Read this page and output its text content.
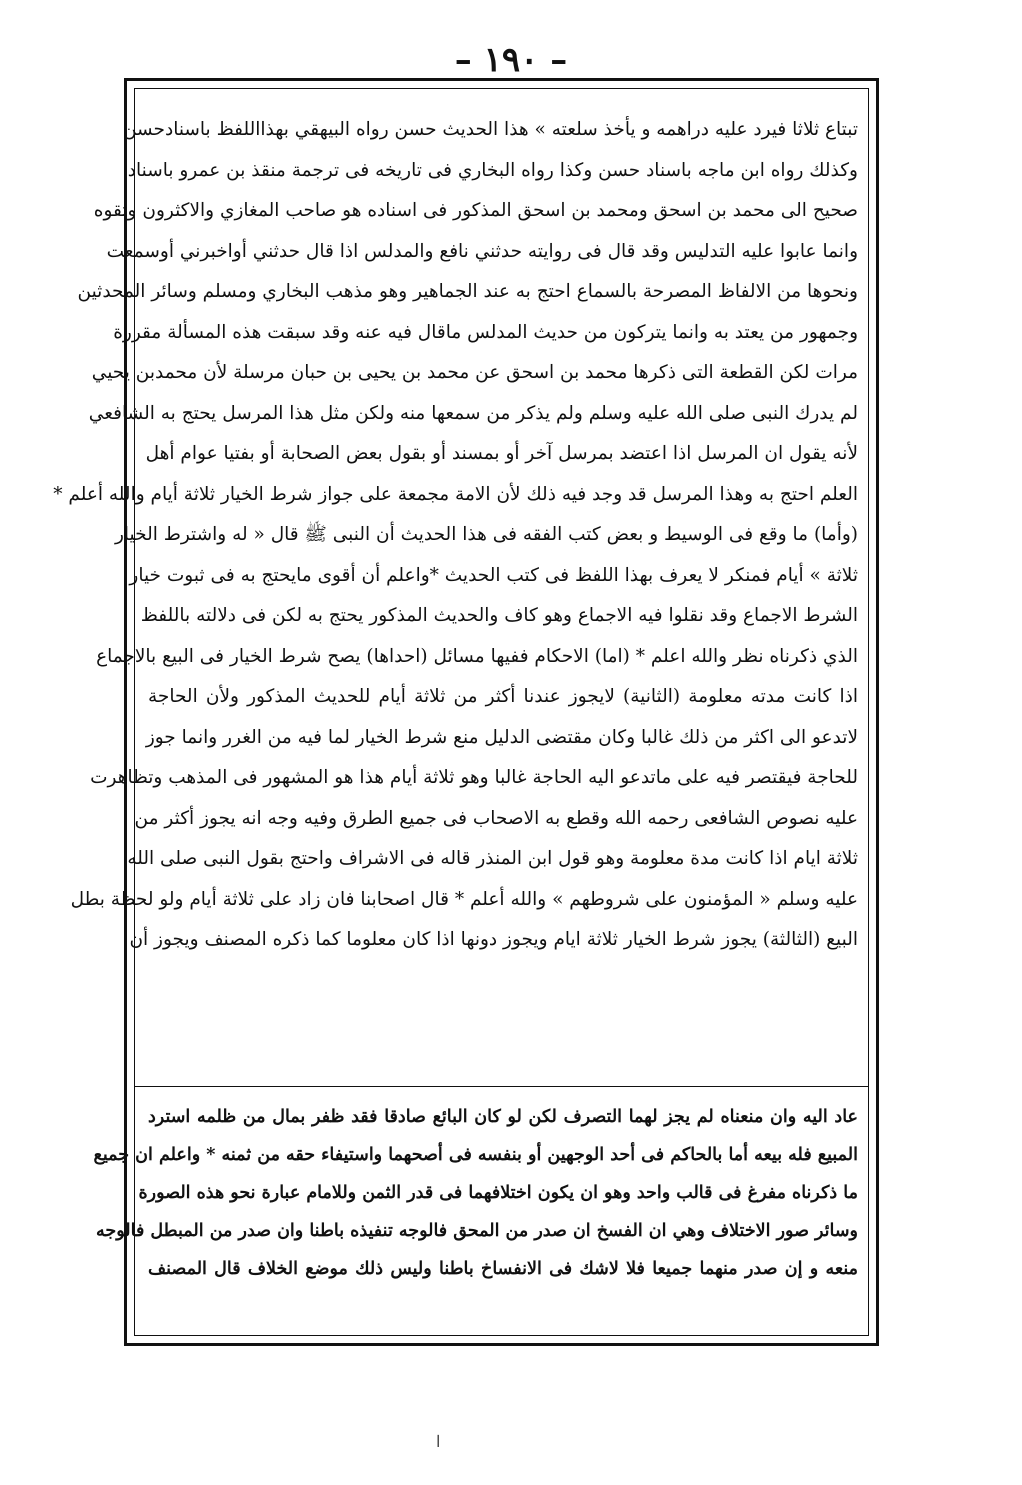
– ١٩٠ –
تبتاع ثلاثا فيرد عليه دراهمه و يأخذ سلعته » هذا الحديث حسن رواه البيهقي بهذااللفظ باسنادحسن
وكذلك رواه ابن ماجه باسناد حسن وكذا رواه البخاري فى تاريخه فى ترجمة منقذ بن عمرو باسناد
صحيح الى محمد بن اسحق ومحمد بن اسحق المذكور فى اسناده هو صاحب المغازي والاكثرون وثقوه
وانما عابوا عليه التدليس وقد قال فى روايته حدثني نافع والمدلس اذا قال حدثني أواخبرني أوسمعت
ونحوها من الالفاظ المصرحة بالسماع احتج به عند الجماهير وهو مذهب البخاري ومسلم وسائر المحدثين
وجمهور من يعتد به وانما يتركون من حديث المدلس ماقال فيه عنه وقد سبقت هذه المسألة مقررة
مرات لكن القطعة التى ذكرها محمد بن اسحق عن محمد بن يحيى بن حبان مرسلة لأن محمدبن يحيي
لم يدرك النبى صلى الله عليه وسلم ولم يذكر من سمعها منه ولكن مثل هذا المرسل يحتج به الشافعي
لأنه يقول ان المرسل اذا اعتضد بمرسل آخر أو بمسند أو بقول بعض الصحابة أو بفتيا عوام أهل
العلم احتج به وهذا المرسل قد وجد فيه ذلك لأن الامة مجمعة على جواز شرط الخيار ثلاثة أيام والله أعلم *
(وأما) ما وقع فى الوسيط و بعض كتب الفقه فى هذا الحديث أن النبى ﷺ قال « له واشترط الخيار
ثلاثة » أيام فمنكر لا يعرف بهذا اللفظ فى كتب الحديث *واعلم أن أقوى مايحتج به فى ثبوت خيار
الشرط الاجماع وقد نقلوا فيه الاجماع وهو كاف والحديث المذكور يحتج به لكن فى دلالته باللفظ
الذي ذكرناه نظر والله اعلم * (اما) الاحكام ففيها مسائل (احداها) يصح شرط الخيار فى البيع بالاجماع
اذا كانت مدته معلومة (الثانية) لايجوز عندنا أكثر من ثلاثة أيام للحديث المذكور ولأن الحاجة
لاتدعو الى اكثر من ذلك غالبا وكان مقتضى الدليل منع شرط الخيار لما فيه من الغرر وانما جوز
للحاجة فيقتصر فيه على ماتدعو اليه الحاجة غالبا وهو ثلاثة أيام هذا هو المشهور فى المذهب وتظاهرت
عليه نصوص الشافعى رحمه الله وقطع به الاصحاب فى جميع الطرق وفيه وجه انه يجوز أكثر من
ثلاثة ايام اذا كانت مدة معلومة وهو قول ابن المنذر قاله فى الاشراف واحتج بقول النبى صلى الله
عليه وسلم « المؤمنون على شروطهم » والله أعلم * قال اصحابنا فان زاد على ثلاثة أيام ولو لحظة بطل
البيع (الثالثة) يجوز شرط الخيار ثلاثة ايام ويجوز دونها اذا كان معلوما كما ذكره المصنف ويجوز أن
عاد اليه وان منعناه لم يجز لهما التصرف لكن لو كان البائع صادقا فقد ظفر بمال من ظلمه استرد
المبيع فله بيعه أما بالحاكم فى أحد الوجهين أو بنفسه فى أصحهما واستيفاء حقه من ثمنه * واعلم ان جميع
ما ذكرناه مفرغ فى قالب واحد وهو ان يكون اختلافهما فى قدر الثمن وللامام عبارة نحو هذه الصورة
وسائر صور الاختلاف وهي ان الفسخ ان صدر من المحق فالوجه تنفيذه باطنا وان صدر من المبطل فالوجه
منعه و إن صدر منهما جميعا فلا لاشك فى الانفساخ باطنا وليس ذلك موضع الخلاف قال المصنف
ا
